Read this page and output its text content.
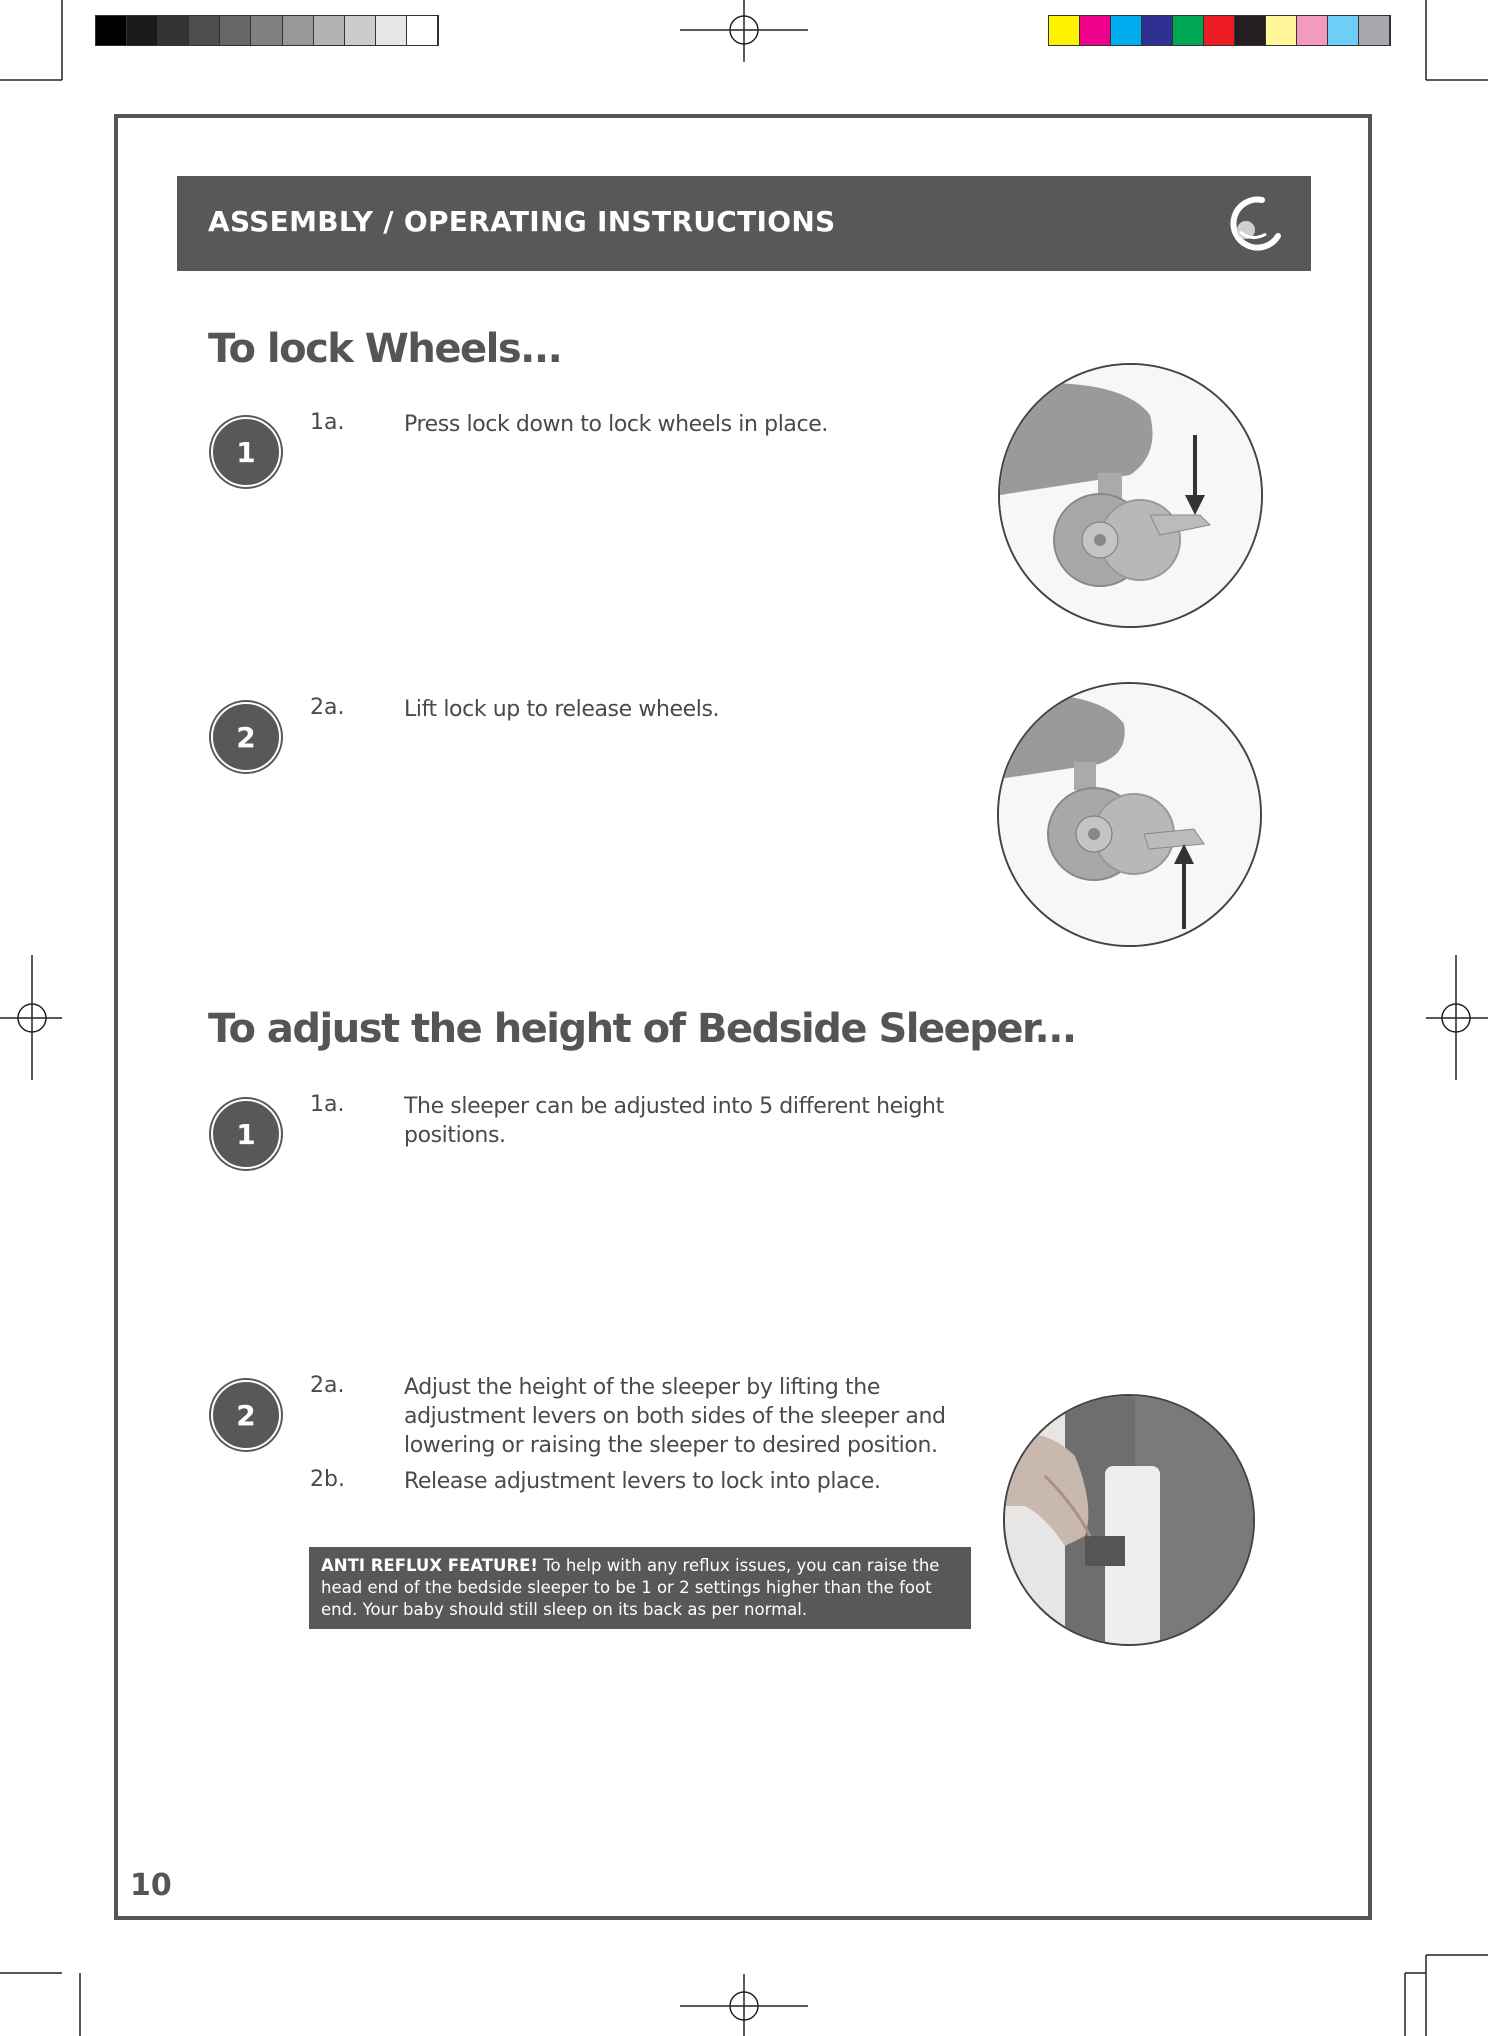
ASSEMBLY / OPERATING INSTRUCTIONS
To lock Wheels...
1
1a.	Press lock down to lock wheels in place.
2
2a.	Lift lock up to release wheels.
To adjust the height of Bedside Sleeper...
1
1a.	The sleeper can be adjusted into 5 different height positions.
2
2a.	Adjust the height of the sleeper by lifting the adjustment levers on both sides of the sleeper and lowering or raising the sleeper to desired position.
2b.	Release adjustment levers to lock into place.
ANTI REFLUX FEATURE! To help with any reflux issues, you can raise the head end of the bedside sleeper to be 1 or 2 settings higher than the foot end. Your baby should still sleep on its back as per normal.
10
